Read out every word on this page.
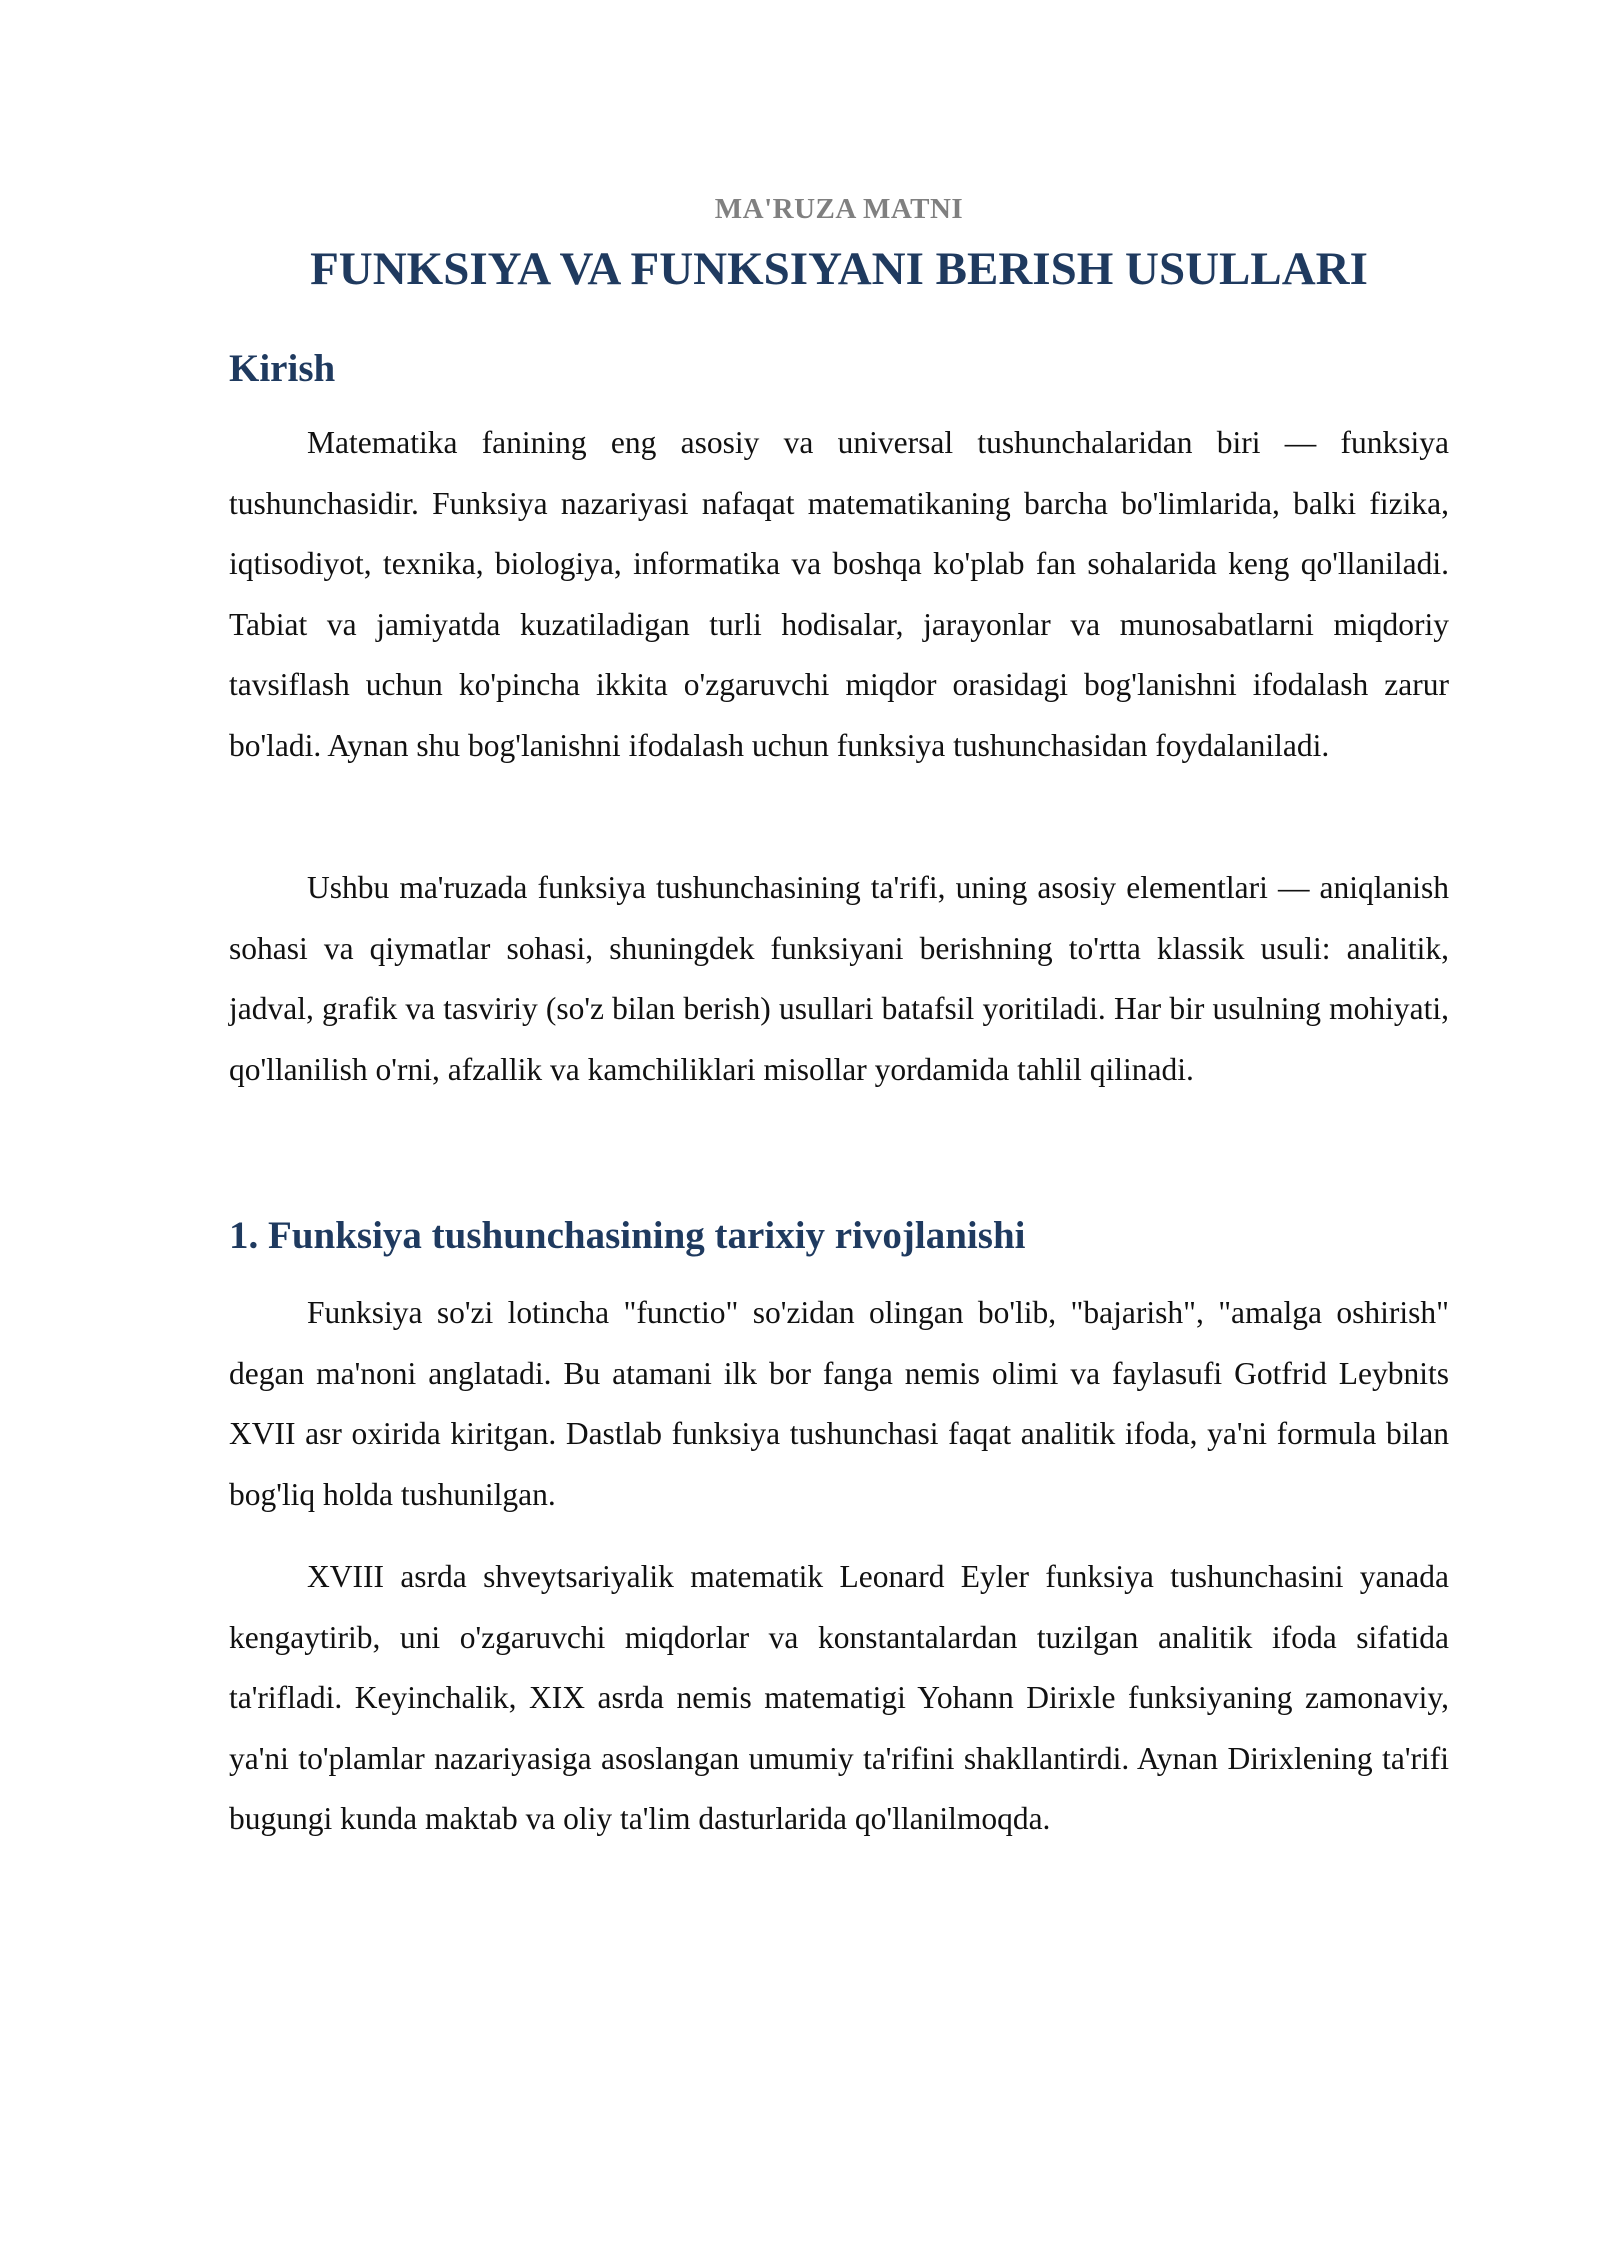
MA'RUZA MATNI
FUNKSIYA VA FUNKSIYANI BERISH USULLARI
Kirish

Matematika fanining eng asosiy va universal tushunchalaridan biri — funksiya tushunchasidir. Funksiya nazariyasi nafaqat matematikaning barcha bo'limlarida, balki fizika, iqtisodiyot, texnika, biologiya, informatika va boshqa ko'plab fan sohalarida keng qo'llaniladi. Tabiat va jamiyatda kuzatiladigan turli hodisalar, jarayonlar va munosabatlarni miqdoriy tavsiflash uchun ko'pincha ikkita o'zgaruvchi miqdor orasidagi bog'lanishni ifodalash zarur bo'ladi. Aynan shu bog'lanishni ifodalash uchun funksiya tushunchasidan foydalaniladi.

Ushbu ma'ruzada funksiya tushunchasining ta'rifi, uning asosiy elementlari — aniqlanish sohasi va qiymatlar sohasi, shuningdek funksiyani berishning to'rtta klassik usuli: analitik, jadval, grafik va tasviriy (so'z bilan berish) usullari batafsil yoritiladi. Har bir usulning mohiyati, qo'llanilish o'rni, afzallik va kamchiliklari misollar yordamida tahlil qilinadi.

1. Funksiya tushunchasining tarixiy rivojlanishi

Funksiya so'zi lotincha "functio" so'zidan olingan bo'lib, "bajarish", "amalga oshirish" degan ma'noni anglatadi. Bu atamani ilk bor fanga nemis olimi va faylasufi Gotfrid Leybnits XVII asr oxirida kiritgan. Dastlab funksiya tushunchasi faqat analitik ifoda, ya'ni formula bilan bog'liq holda tushunilgan.

XVIII asrda shveytsariyalik matematik Leonard Eyler funksiya tushunchasini yanada kengaytirib, uni o'zgaruvchi miqdorlar va konstantalardan tuzilgan analitik ifoda sifatida ta'rifladi. Keyinchalik, XIX asrda nemis matematigi Yohann Dirixle funksiyaning zamonaviy, ya'ni to'plamlar nazariyasiga asoslangan umumiy ta'rifini shakllantirdi. Aynan Dirixlening ta'rifi bugungi kunda maktab va oliy ta'lim dasturlarida qo'llanilmoqda.
